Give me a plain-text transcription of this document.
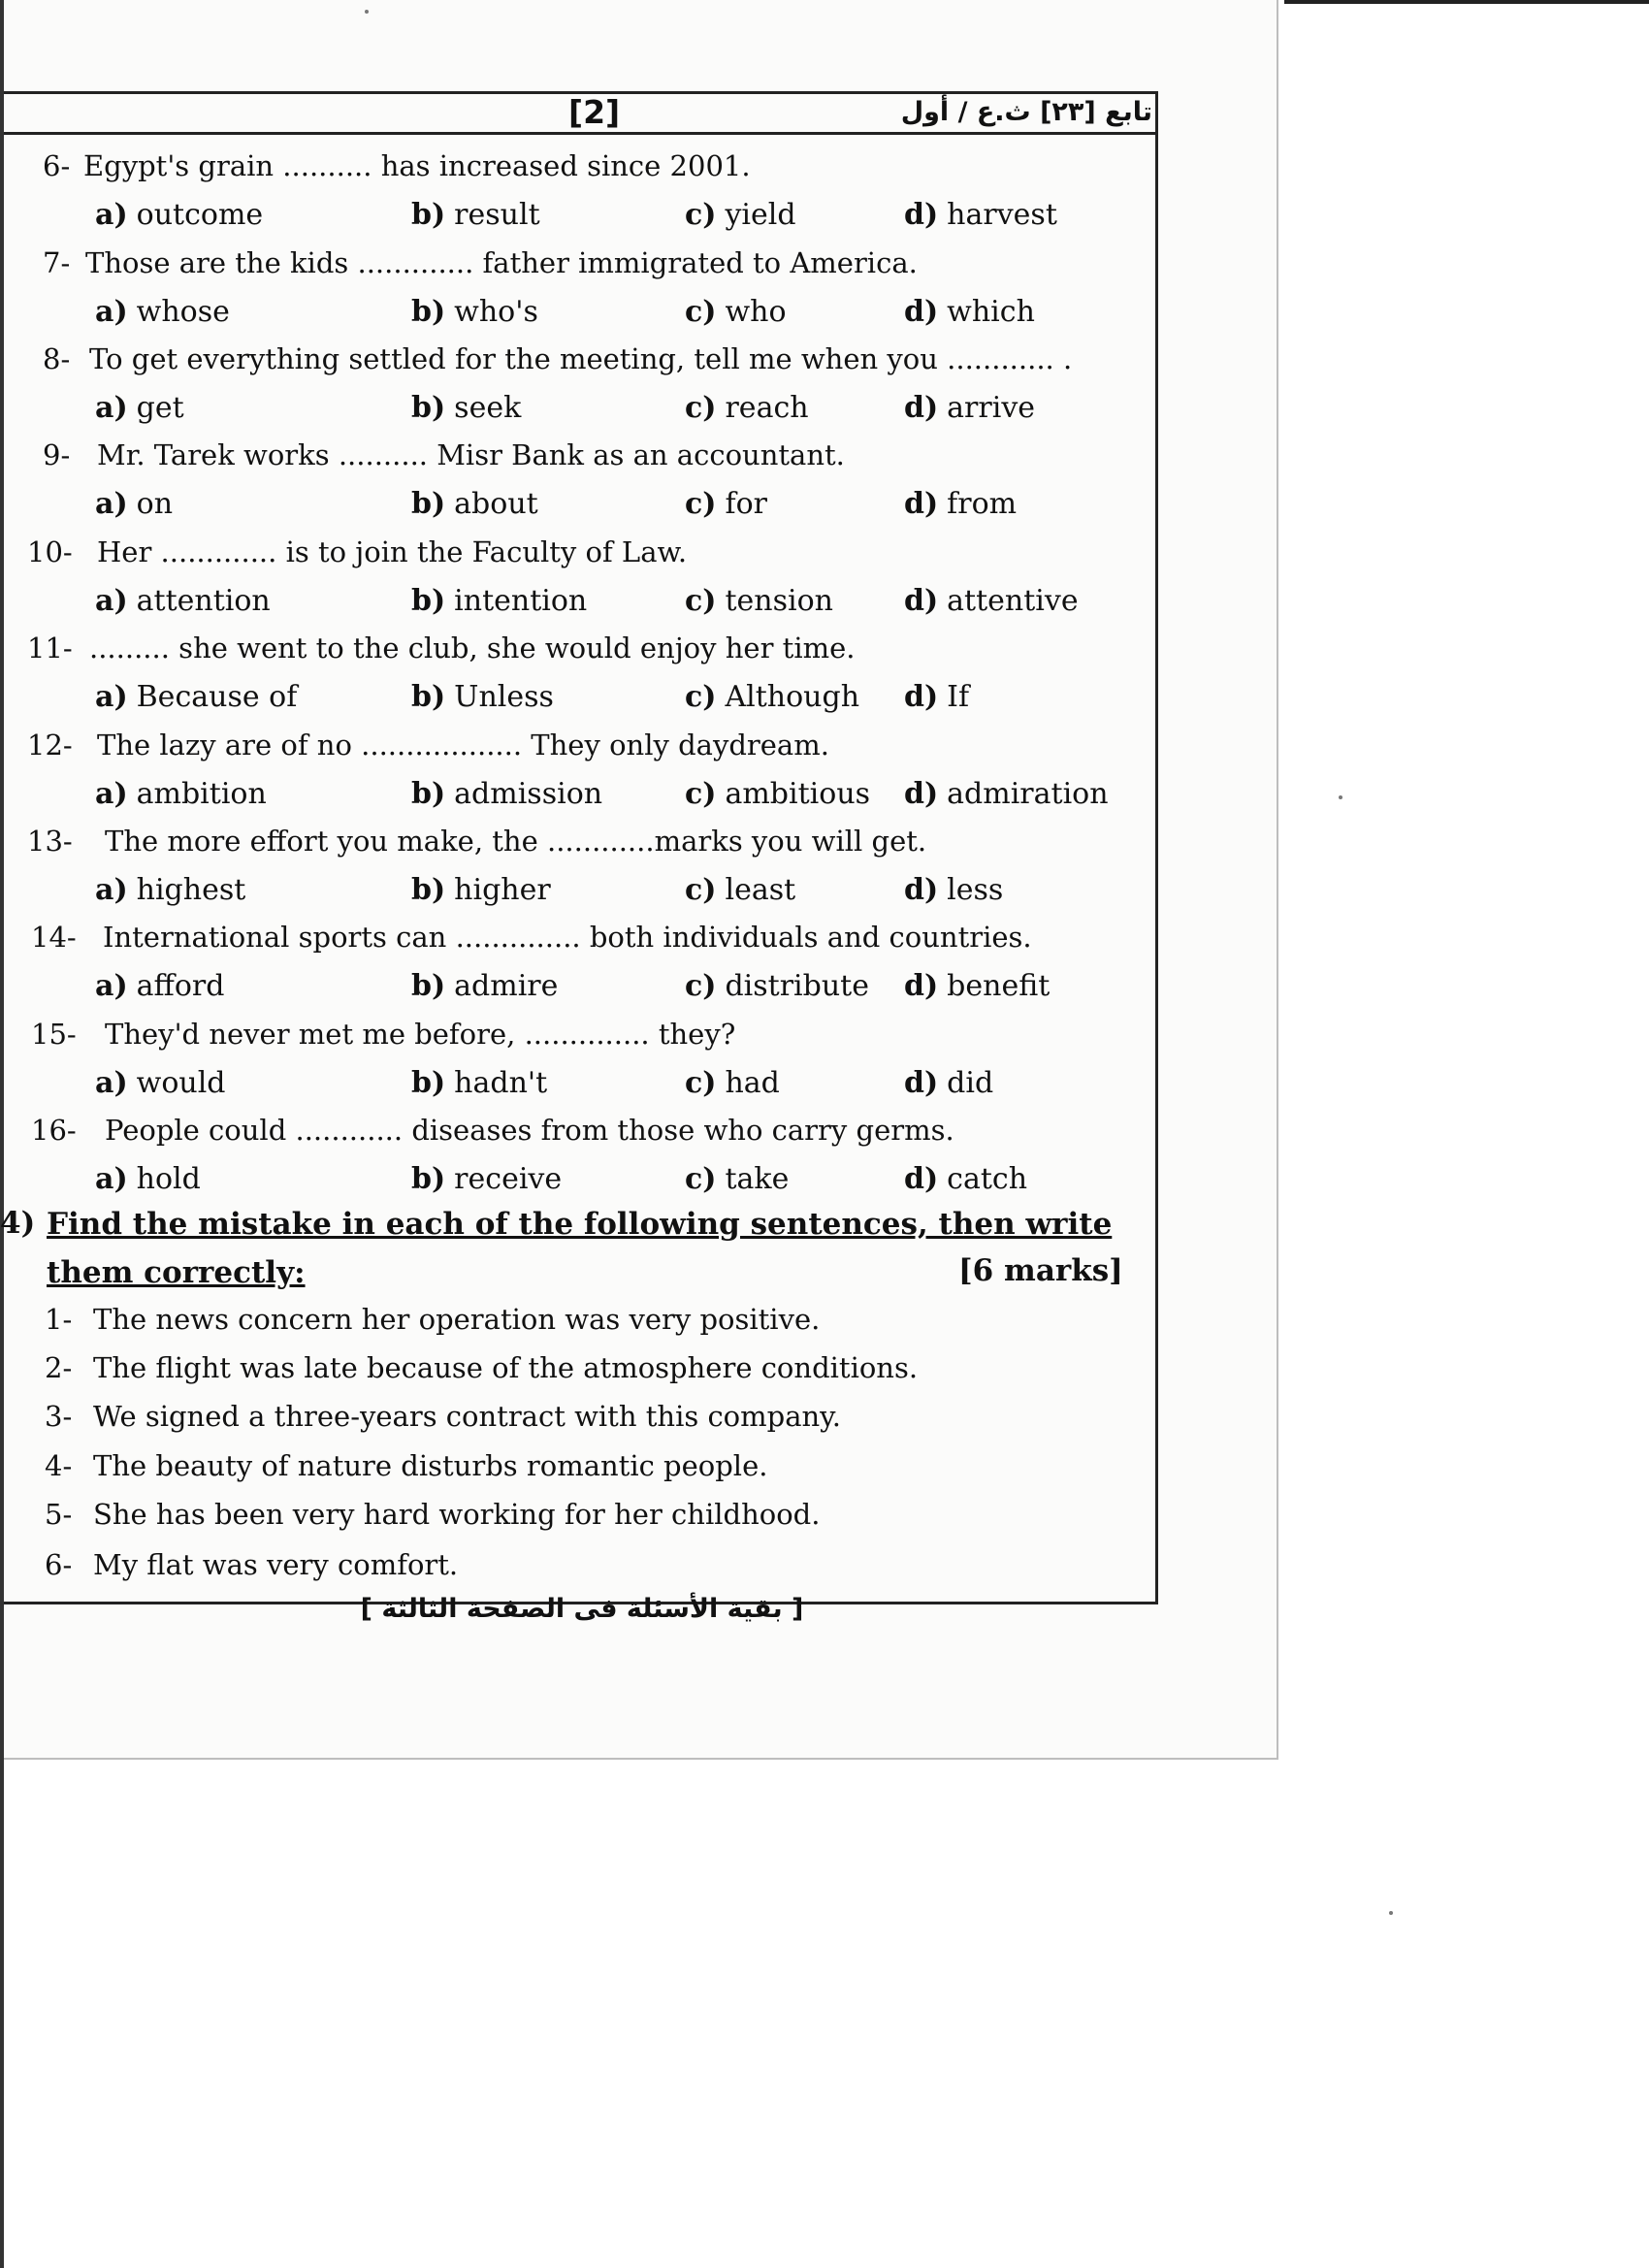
[2]	تابع [٢٣] ث.ع / أول
6- Egypt's grain .......... has increased since 2001.
a) outcome	b) result	c) yield	d) harvest
7- Those are the kids ............. father immigrated to America.
a) whose	b) who's	c) who	d) which
8- To get everything settled for the meeting, tell me when you ............ .
a) get	b) seek	c) reach	d) arrive
9- Mr. Tarek works .......... Misr Bank as an accountant.
a) on	b) about	c) for	d) from
10- Her ............. is to join the Faculty of Law.
a) attention	b) intention	c) tension d) attentive
11- ......... she went to the club, she would enjoy her time.
a) Because of	b) Unless	c) Although d) If
12- The lazy are of no .................. They only daydream.
a) ambition	b) admission	c) ambitious d) admiration
13- The more effort you make, the ............marks you will get.
a) highest	b) higher	c) least	d) less
14- International sports can .............. both individuals and countries.
a) afford	b) admire	c) distribute d) benefit
15- They'd never met me before, .............. they?
a) would	b) hadn't	c) had	d) did
16- People could ............ diseases from those who carry germs.
a) hold	b) receive	c) take	d) catch
4) Find the mistake in each of the following sentences, then write
them correctly:	[6 marks]
1- The news concern her operation was very positive.
2- The flight was late because of the atmosphere conditions.
3- We signed a three-years contract with this company.
4- The beauty of nature disturbs romantic people.
5- She has been very hard working for her childhood.
6- My flat was very comfort.
[ بقية الأسئلة فى الصفحة الثالثة ]
